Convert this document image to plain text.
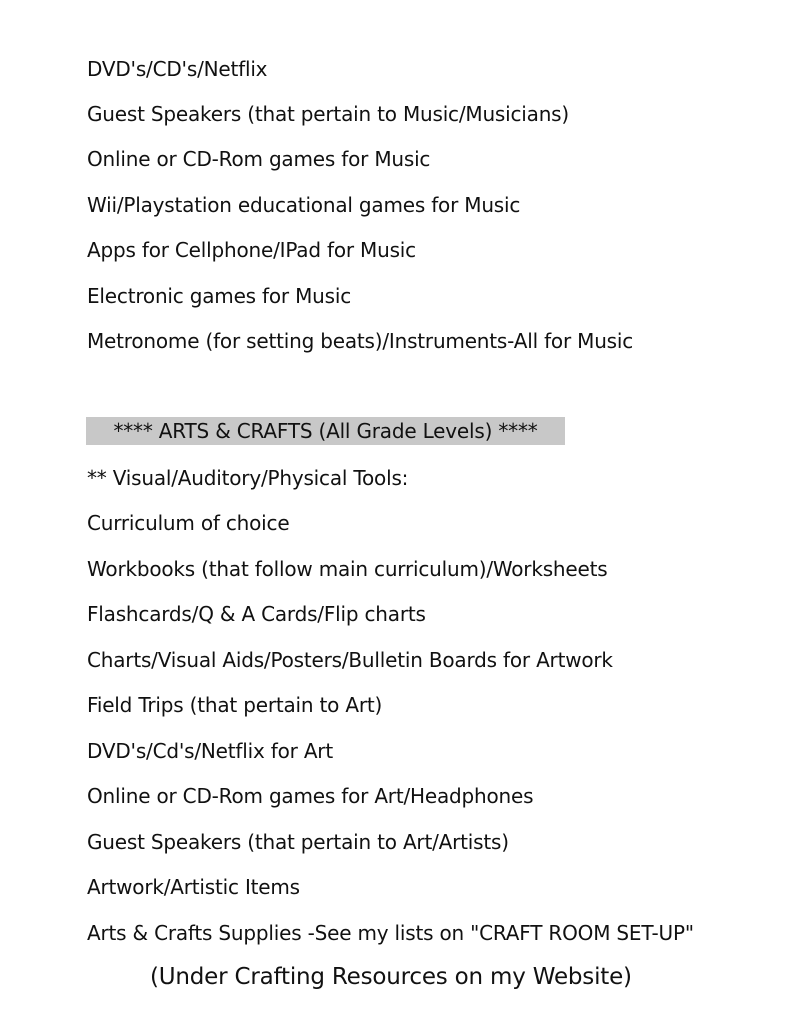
DVD's/CD's/Netflix
Guest Speakers (that pertain to Music/Musicians)
Online or CD-Rom games for Music
Wii/Playstation educational games for Music
Apps for Cellphone/IPad for Music
Electronic games for Music
Metronome (for setting beats)/Instruments-All for Music
**** ARTS & CRAFTS (All Grade Levels) ****
** Visual/Auditory/Physical Tools:
Curriculum of choice
Workbooks (that follow main curriculum)/Worksheets
Flashcards/Q & A Cards/Flip charts
Charts/Visual Aids/Posters/Bulletin Boards for Artwork
Field Trips (that pertain to Art)
DVD's/Cd's/Netflix for Art
Online or CD-Rom games for Art/Headphones
Guest Speakers (that pertain to Art/Artists)
Artwork/Artistic Items
Arts & Crafts Supplies -See my lists on "CRAFT ROOM SET-UP"
(Under Crafting Resources on my Website)
